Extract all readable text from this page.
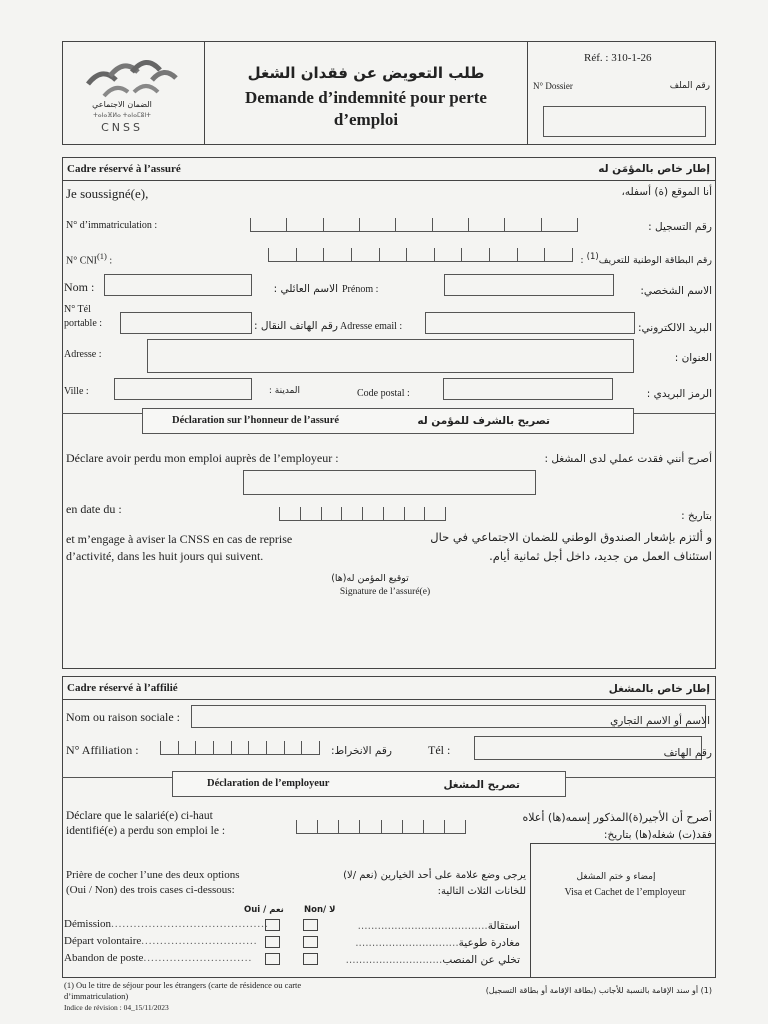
الضمان الاجتماعي
ⵜⴰⵏⴰⴼⵍⴰ ⵜⴰⵏⴰⵎⵓⵏⵜ
CNSS
طلب التعويض عن فقدان الشغل
Demande d’indemnité pour perte
d’emploi
Réf. : 310-1-26
N° Dossier	رقم الملف
Cadre réservé à l’assuré	إطار خاص بالمؤمَن له
Je soussigné(e),	أنا الموقع (ة) أسفله،
N° d’immatriculation :	رقم التسجيل :
N° CNI$^{(1)}$ :	رقم البطاقة الوطنية للتعريف$^{(1)}$ :
Nom :	الاسم العائلي : Prénom :	الاسم الشخصي:
N° Tél
portable :	رقم الهاتف النقال : Adresse email :	البريد الالكتروني:
Adresse :	العنوان :
Ville :	المدينة :	Code postal :	الرمز البريدي :
Déclaration sur l’honneur de l’assuré	تصريح بالشرف للمؤمن له
Déclare avoir perdu mon emploi auprès de l’employeur :	أصرح أنني فقدت عملي لدى المشغل :
en date du :	بتاريخ :
et m’engage à aviser la CNSS en cas de reprise
d’activité, dans les huit jours qui suivent.
و ألتزم بإشعار الصندوق الوطني للضمان الاجتماعي في حال
استئناف العمل من جديد، داخل أجل ثمانية أيام.
توقيع المؤمن له(ها)
Signature de l’assuré(e)
Cadre réservé à l’affilié	إطار خاص بالمشغل
Nom ou raison sociale :	الاسم أو الاسم التجاري
N° Affiliation :	رقم الانخراط:	Tél :	رقم الهاتف
Déclaration de l’employeur	تصريح المشغل
Déclare que le salarié(e) ci-haut
identifié(e) a perdu son emploi le :
أصرح أن الأجير(ة)المذكور إسمه(ها) أعلاه
فقد(ت) شغله(ها) بتاريخ:
إمضاء و ختم المشغل
Visa et Cachet de l’employeur
Prière de cocher l’une des deux options
(Oui / Non) des trois cases ci-dessous:
يرجى وضع علامة على أحد الخيارين (نعم /لا)
للخانات الثلاث التالية:
Oui / نعم Non/ لا
Démission..........................................	استقالة.......................................
Départ volontaire...............................	مغادرة طوعية...............................
Abandon de poste.............................	تخلي عن المنصب.............................
(1) Ou le titre de séjour pour les étrangers (carte de résidence ou carte
d’immatriculation)
Indice de révision : 04_15/11/2023
(1) أو سند الإقامة بالنسبة للأجانب (بطاقة الإقامة أو بطاقة التسجيل)
